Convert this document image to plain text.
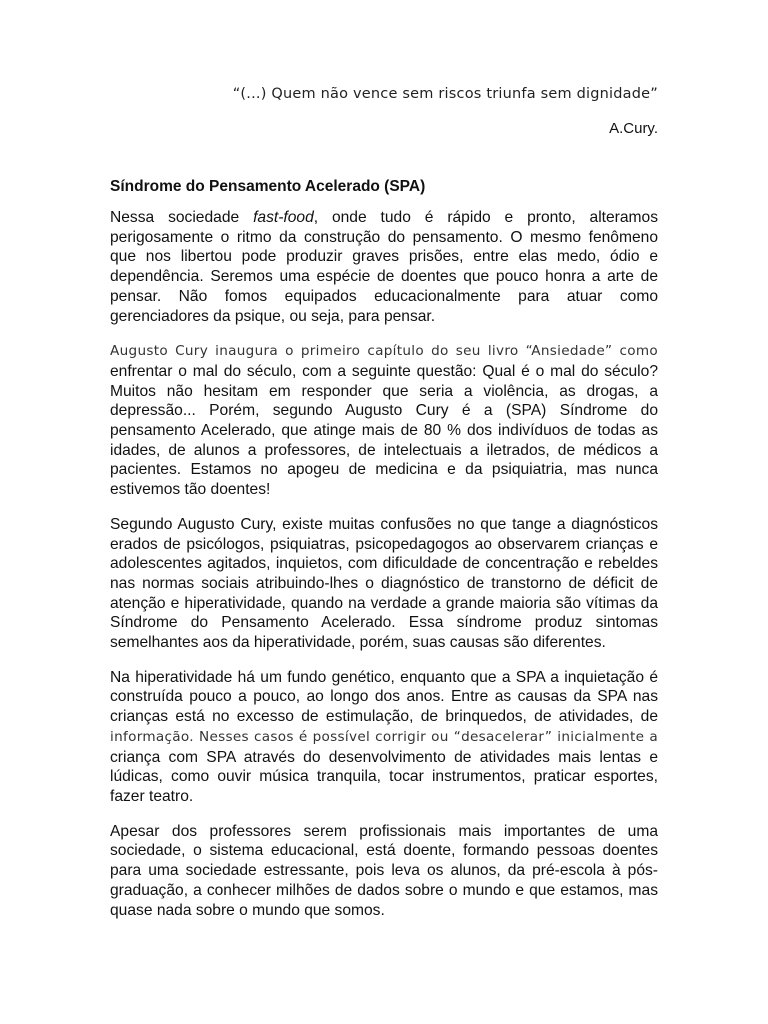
“(...) Quem não vence sem riscos triunfa sem dignidade”
A.Cury.
Síndrome do Pensamento Acelerado (SPA)

Nessa sociedade fast-food, onde tudo é rápido e pronto, alteramos perigosamente o ritmo da construção do pensamento. O mesmo fenômeno que nos libertou pode produzir graves prisões, entre elas medo, ódio e dependência. Seremos uma espécie de doentes que pouco honra a arte de pensar. Não fomos equipados educacionalmente para atuar como gerenciadores da psique, ou seja, para pensar.

Augusto Cury inaugura o primeiro capítulo do seu livro “Ansiedade” como enfrentar o mal do século, com a seguinte questão: Qual é o mal do século? Muitos não hesitam em responder que seria a violência, as drogas, a depressão... Porém, segundo Augusto Cury é a (SPA) Síndrome do pensamento Acelerado, que atinge mais de 80 % dos indivíduos de todas as idades, de alunos a professores, de intelectuais a iletrados, de médicos a pacientes. Estamos no apogeu de medicina e da psiquiatria, mas nunca estivemos tão doentes!

Segundo Augusto Cury, existe muitas confusões no que tange a diagnósticos erados de psicólogos, psiquiatras, psicopedagogos ao observarem crianças e adolescentes agitados, inquietos, com dificuldade de concentração e rebeldes nas normas sociais atribuindo-lhes o diagnóstico de transtorno de déficit de atenção e hiperatividade, quando na verdade a grande maioria são vítimas da Síndrome do Pensamento Acelerado. Essa síndrome produz sintomas semelhantes aos da hiperatividade, porém, suas causas são diferentes.

Na hiperatividade há um fundo genético, enquanto que a SPA a inquietação é construída pouco a pouco, ao longo dos anos. Entre as causas da SPA nas crianças está no excesso de estimulação, de brinquedos, de atividades, de informação. Nesses casos é possível corrigir ou “desacelerar” inicialmente a criança com SPA através do desenvolvimento de atividades mais lentas e lúdicas, como ouvir música tranquila, tocar instrumentos, praticar esportes, fazer teatro.

Apesar dos professores serem profissionais mais importantes de uma sociedade, o sistema educacional, está doente, formando pessoas doentes para uma sociedade estressante, pois leva os alunos, da pré-escola à pós-graduação, a conhecer milhões de dados sobre o mundo e que estamos, mas quase nada sobre o mundo que somos.
